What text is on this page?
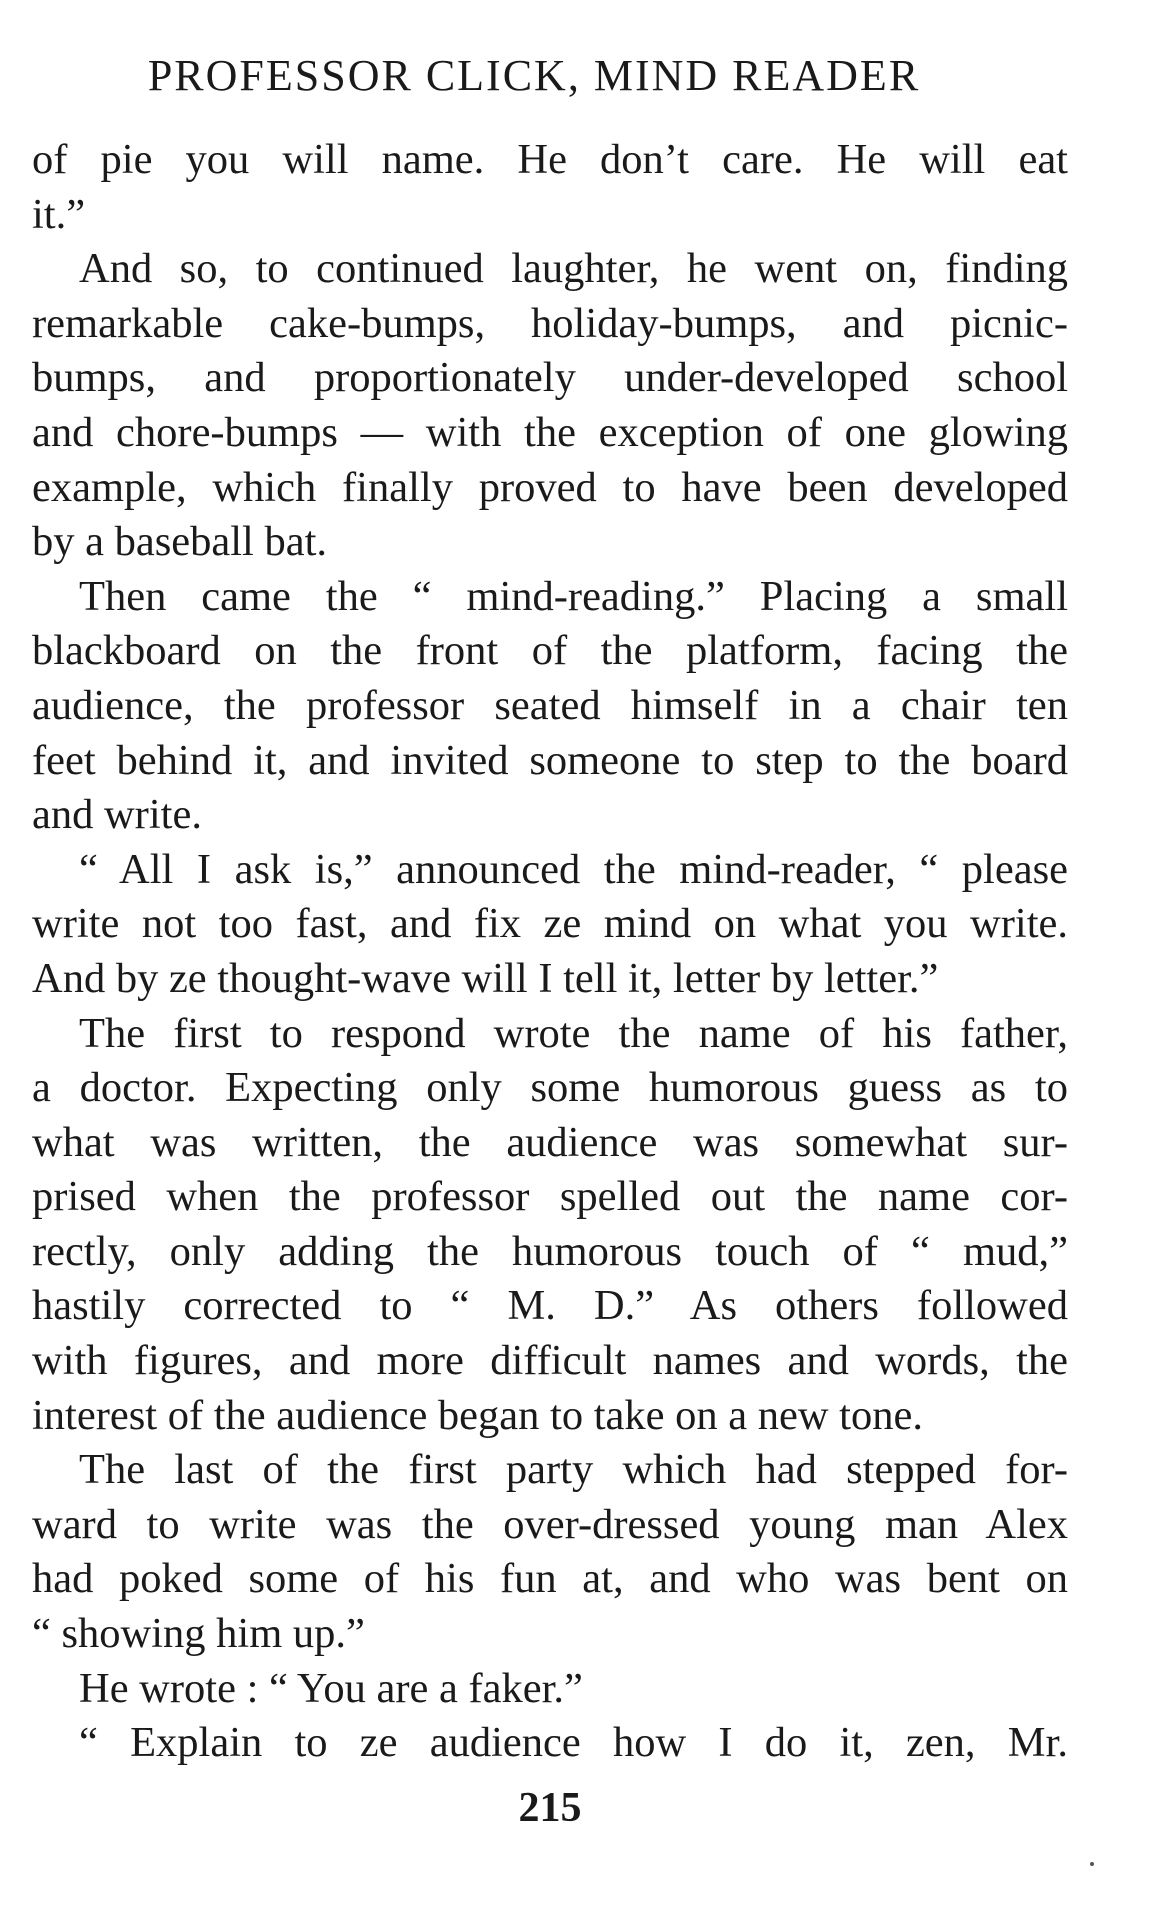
PROFESSOR CLICK, MIND READER
of pie you will name. He don’t care. He will eat
it.”
And so, to continued laughter, he went on, finding
remarkable cake-bumps, holiday-bumps, and picnic-
bumps, and proportionately under-developed school
and chore-bumps — with the exception of one glowing
example, which finally proved to have been developed
by a baseball bat.
Then came the “ mind-reading.” Placing a small
blackboard on the front of the platform, facing the
audience, the professor seated himself in a chair ten
feet behind it, and invited someone to step to the board
and write.
“ All I ask is,” announced the mind-reader, “ please
write not too fast, and fix ze mind on what you write.
And by ze thought-wave will I tell it, letter by letter.”
The first to respond wrote the name of his father,
a doctor. Expecting only some humorous guess as to
what was written, the audience was somewhat sur-
prised when the professor spelled out the name cor-
rectly, only adding the humorous touch of “ mud,”
hastily corrected to “ M. D.” As others followed
with figures, and more difficult names and words, the
interest of the audience began to take on a new tone.
The last of the first party which had stepped for-
ward to write was the over-dressed young man Alex
had poked some of his fun at, and who was bent on
“ showing him up.”
He wrote : “ You are a faker.”
“ Explain to ze audience how I do it, zen, Mr.
215
